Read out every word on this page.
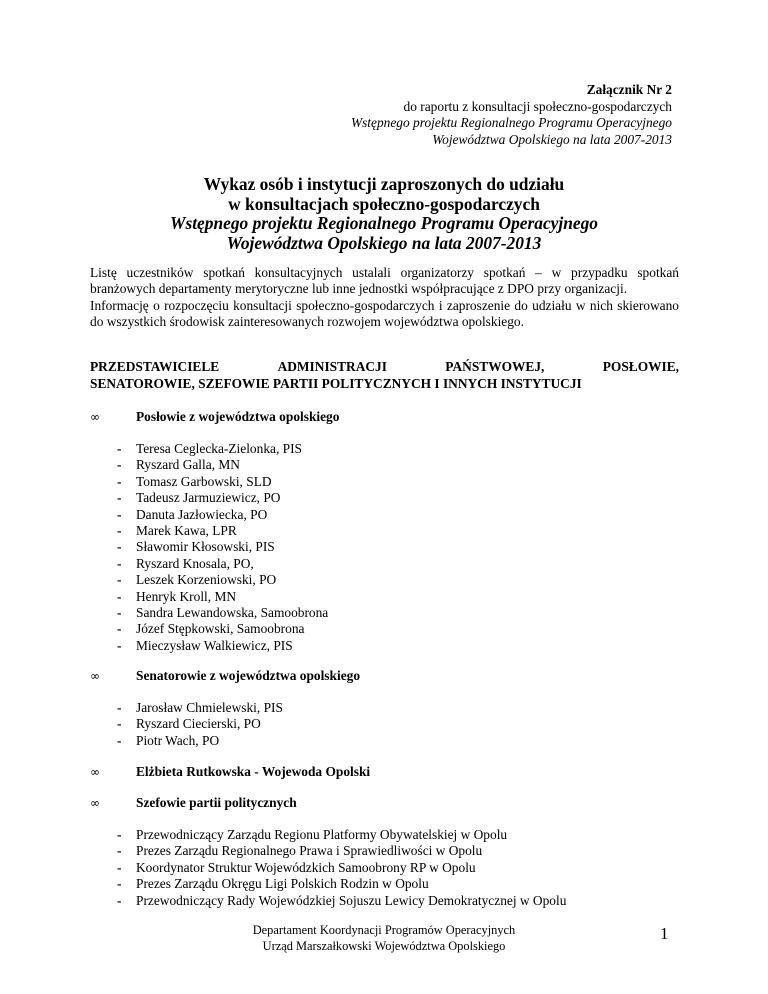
Załącznik Nr 2
do raportu z konsultacji społeczno-gospodarczych
Wstępnego projektu Regionalnego Programu Operacyjnego
Województwa Opolskiego na lata 2007-2013
Wykaz osób i instytucji zaproszonych do udziału
w konsultacjach społeczno-gospodarczych
Wstępnego projektu Regionalnego Programu Operacyjnego
Województwa Opolskiego na lata 2007-2013

Listę uczestników spotkań konsultacyjnych ustalali organizatorzy spotkań – w przypadku spotkań branżowych departamenty merytoryczne lub inne jednostki współpracujące z DPO przy organizacji.

Informację o rozpoczęciu konsultacji społeczno-gospodarczych i zaproszenie do udziału w nich skierowano do wszystkich środowisk zainteresowanych rozwojem województwa opolskiego.

PRZEDSTAWICIELE	ADMINISTRACJI	PAŃSTWOWEJ,	POSŁOWIE,
SENATOROWIE, SZEFOWIE PARTII POLITYCZNYCH I INNYCH INSTYTUCJI
∞	Posłowie z województwa opolskiego
-	Teresa Ceglecka-Zielonka, PIS
-	Ryszard Galla, MN
-	Tomasz Garbowski, SLD
-	Tadeusz Jarmuziewicz, PO
-	Danuta Jazłowiecka, PO
-	Marek Kawa, LPR
-	Sławomir Kłosowski, PIS
-	Ryszard Knosala, PO,
-	Leszek Korzeniowski, PO
-	Henryk Kroll, MN
-	Sandra Lewandowska, Samoobrona
-	Józef Stępkowski, Samoobrona
-	Mieczysław Walkiewicz, PIS
∞	Senatorowie z województwa opolskiego
-	Jarosław Chmielewski, PIS
-	Ryszard Ciecierski, PO
-	Piotr Wach, PO
∞	Elżbieta Rutkowska - Wojewoda Opolski
∞	Szefowie partii politycznych
-	Przewodniczący Zarządu Regionu Platformy Obywatelskiej w Opolu
-	Prezes Zarządu Regionalnego Prawa i Sprawiedliwości w Opolu
-	Koordynator Struktur Wojewódzkich Samoobrony RP w Opolu
-	Prezes Zarządu Okręgu Ligi Polskich Rodzin w Opolu
-	Przewodniczący Rady Wojewódzkiej Sojuszu Lewicy Demokratycznej w Opolu
Departament Koordynacji Programów Operacyjnych
Urząd Marszałkowski Województwa Opolskiego
1
